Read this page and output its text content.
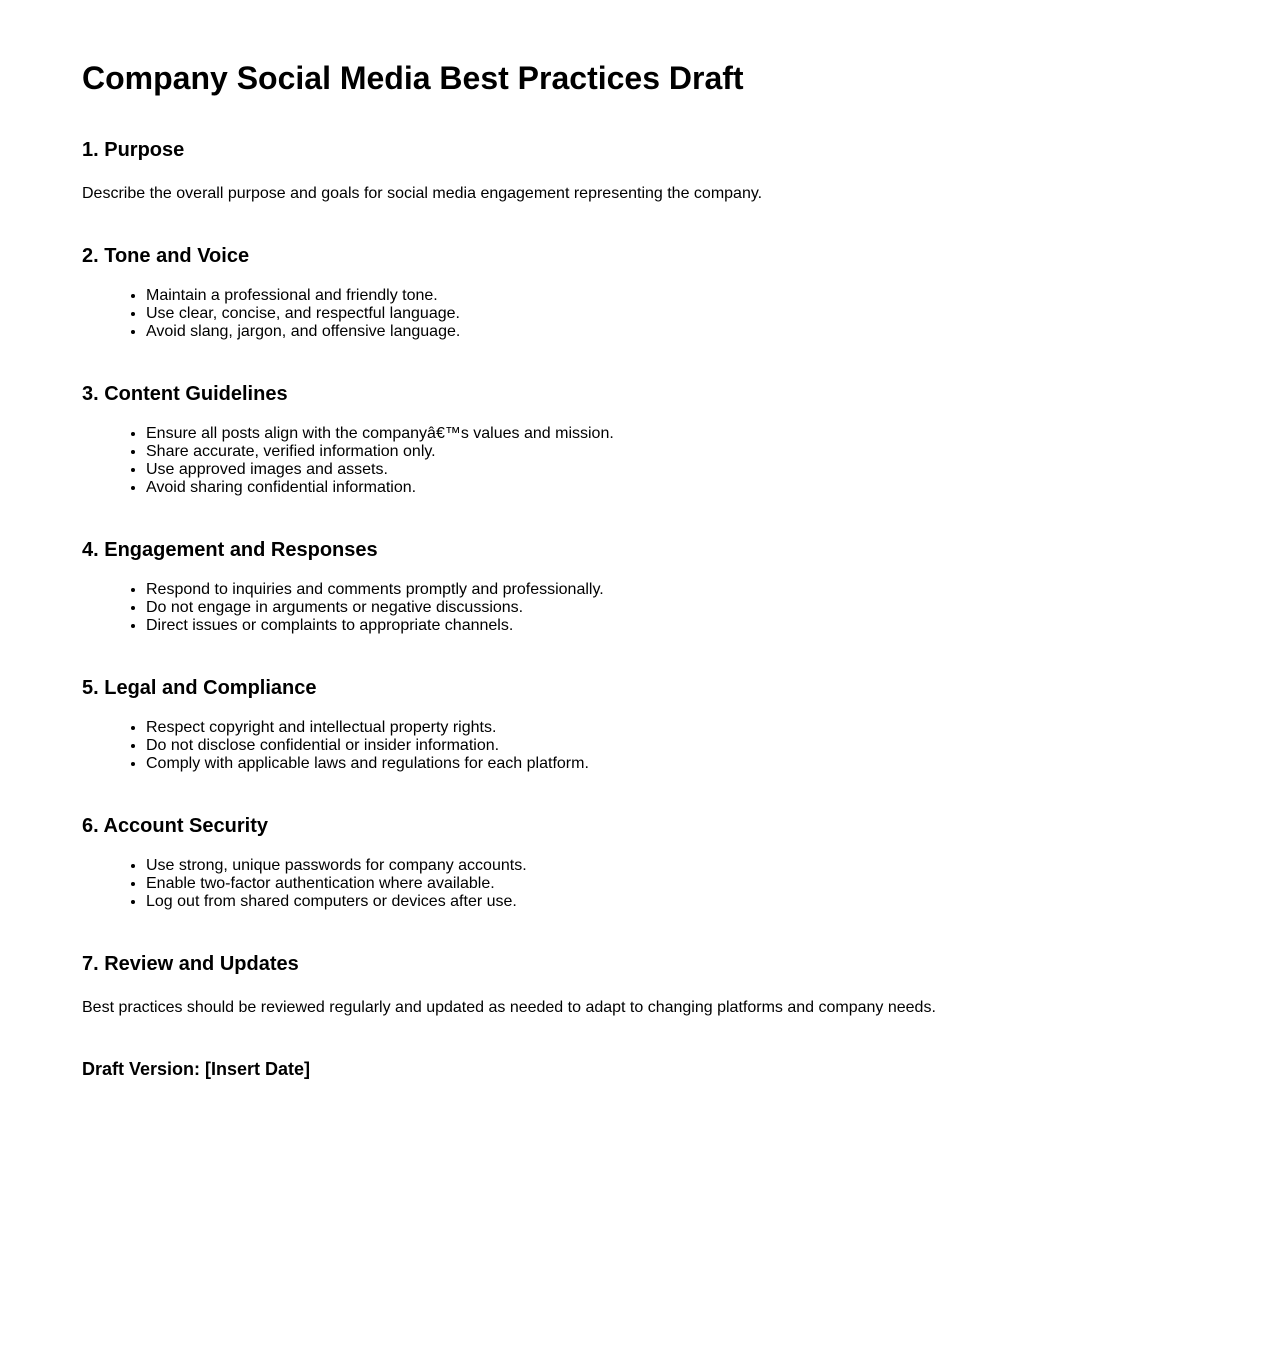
Company Social Media Best Practices Draft
1. Purpose

Describe the overall purpose and goals for social media engagement representing the company.

2. Tone and Voice
• Maintain a professional and friendly tone.
• Use clear, concise, and respectful language.
• Avoid slang, jargon, and offensive language.
3. Content Guidelines
• Ensure all posts align with the companyâ€™s values and mission.
• Share accurate, verified information only.
• Use approved images and assets.
• Avoid sharing confidential information.
4. Engagement and Responses
• Respond to inquiries and comments promptly and professionally.
• Do not engage in arguments or negative discussions.
• Direct issues or complaints to appropriate channels.
5. Legal and Compliance
• Respect copyright and intellectual property rights.
• Do not disclose confidential or insider information.
• Comply with applicable laws and regulations for each platform.
6. Account Security
• Use strong, unique passwords for company accounts.
• Enable two-factor authentication where available.
• Log out from shared computers or devices after use.
7. Review and Updates

Best practices should be reviewed regularly and updated as needed to adapt to changing platforms and company needs.

Draft Version: [Insert Date]
